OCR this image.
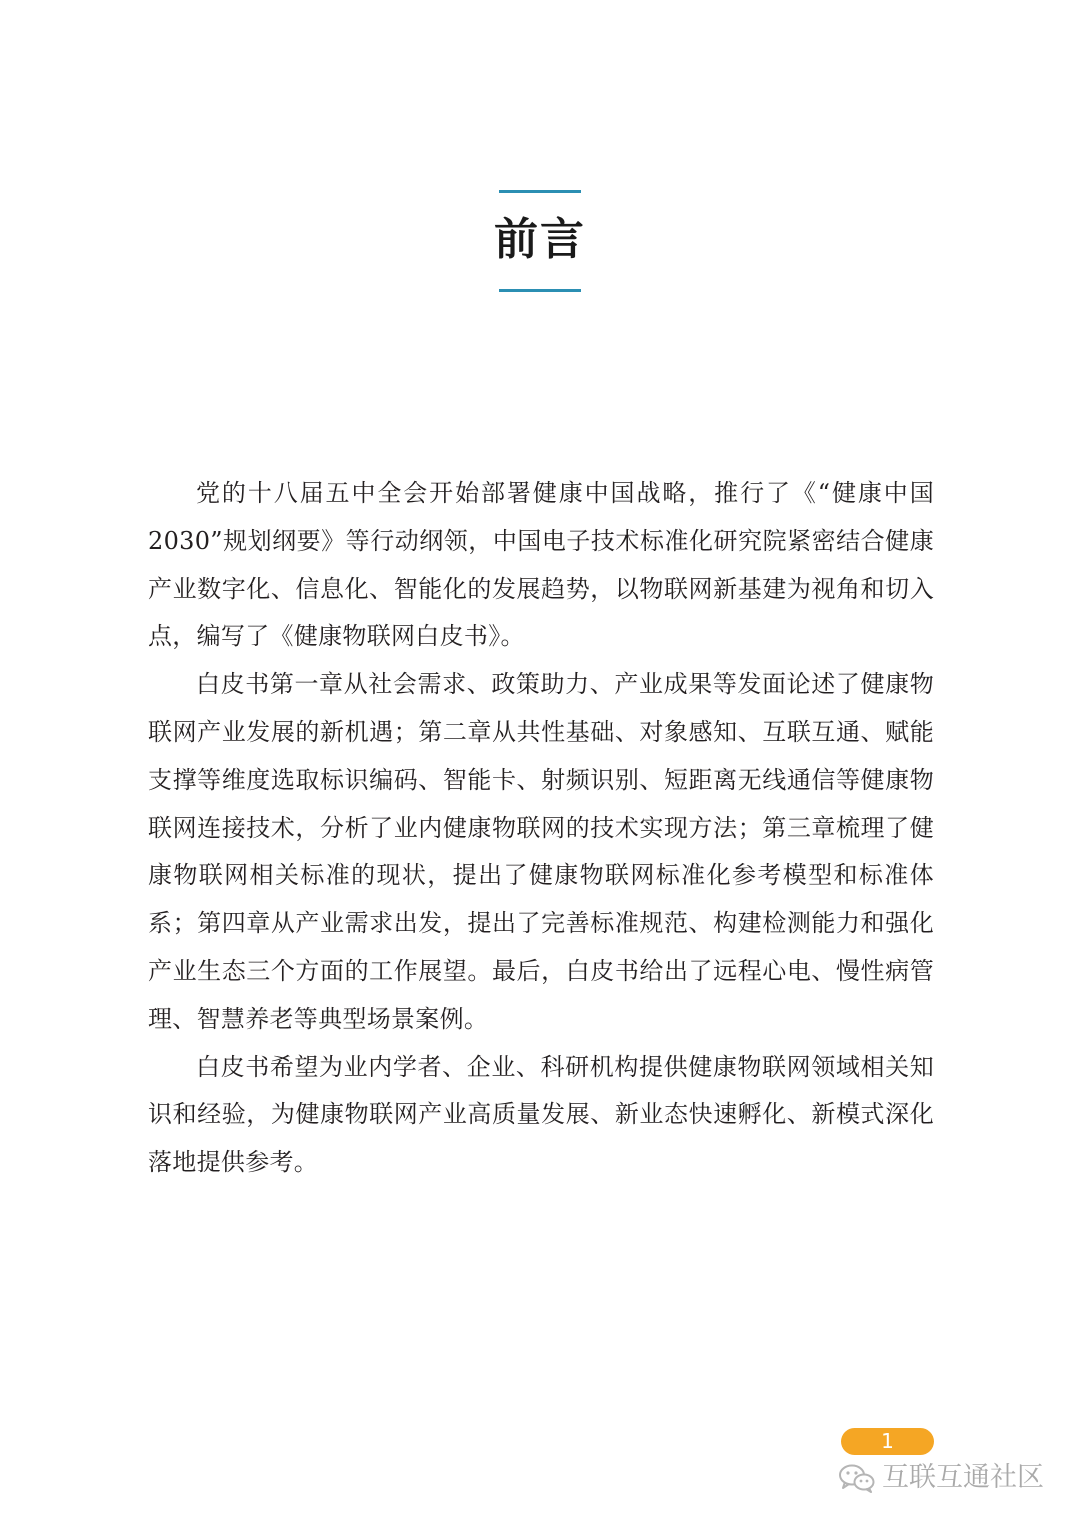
前言

党的十八届五中全会开始部署健康中国战略，推行了《“健康中国2030”规划纲要》等行动纲领，中国电子技术标准化研究院紧密结合健康产业数字化、信息化、智能化的发展趋势，以物联网新基建为视角和切入点，编写了《健康物联网白皮书》。

白皮书第一章从社会需求、政策助力、产业成果等发面论述了健康物联网产业发展的新机遇；第二章从共性基础、对象感知、互联互通、赋能支撑等维度选取标识编码、智能卡、射频识别、短距离无线通信等健康物联网连接技术，分析了业内健康物联网的技术实现方法；第三章梳理了健康物联网相关标准的现状，提出了健康物联网标准化参考模型和标准体系；第四章从产业需求出发，提出了完善标准规范、构建检测能力和强化产业生态三个方面的工作展望。最后，白皮书给出了远程心电、慢性病管理、智慧养老等典型场景案例。

白皮书希望为业内学者、企业、科研机构提供健康物联网领域相关知识和经验，为健康物联网产业高质量发展、新业态快速孵化、新模式深化落地提供参考。

1
互联互通社区
